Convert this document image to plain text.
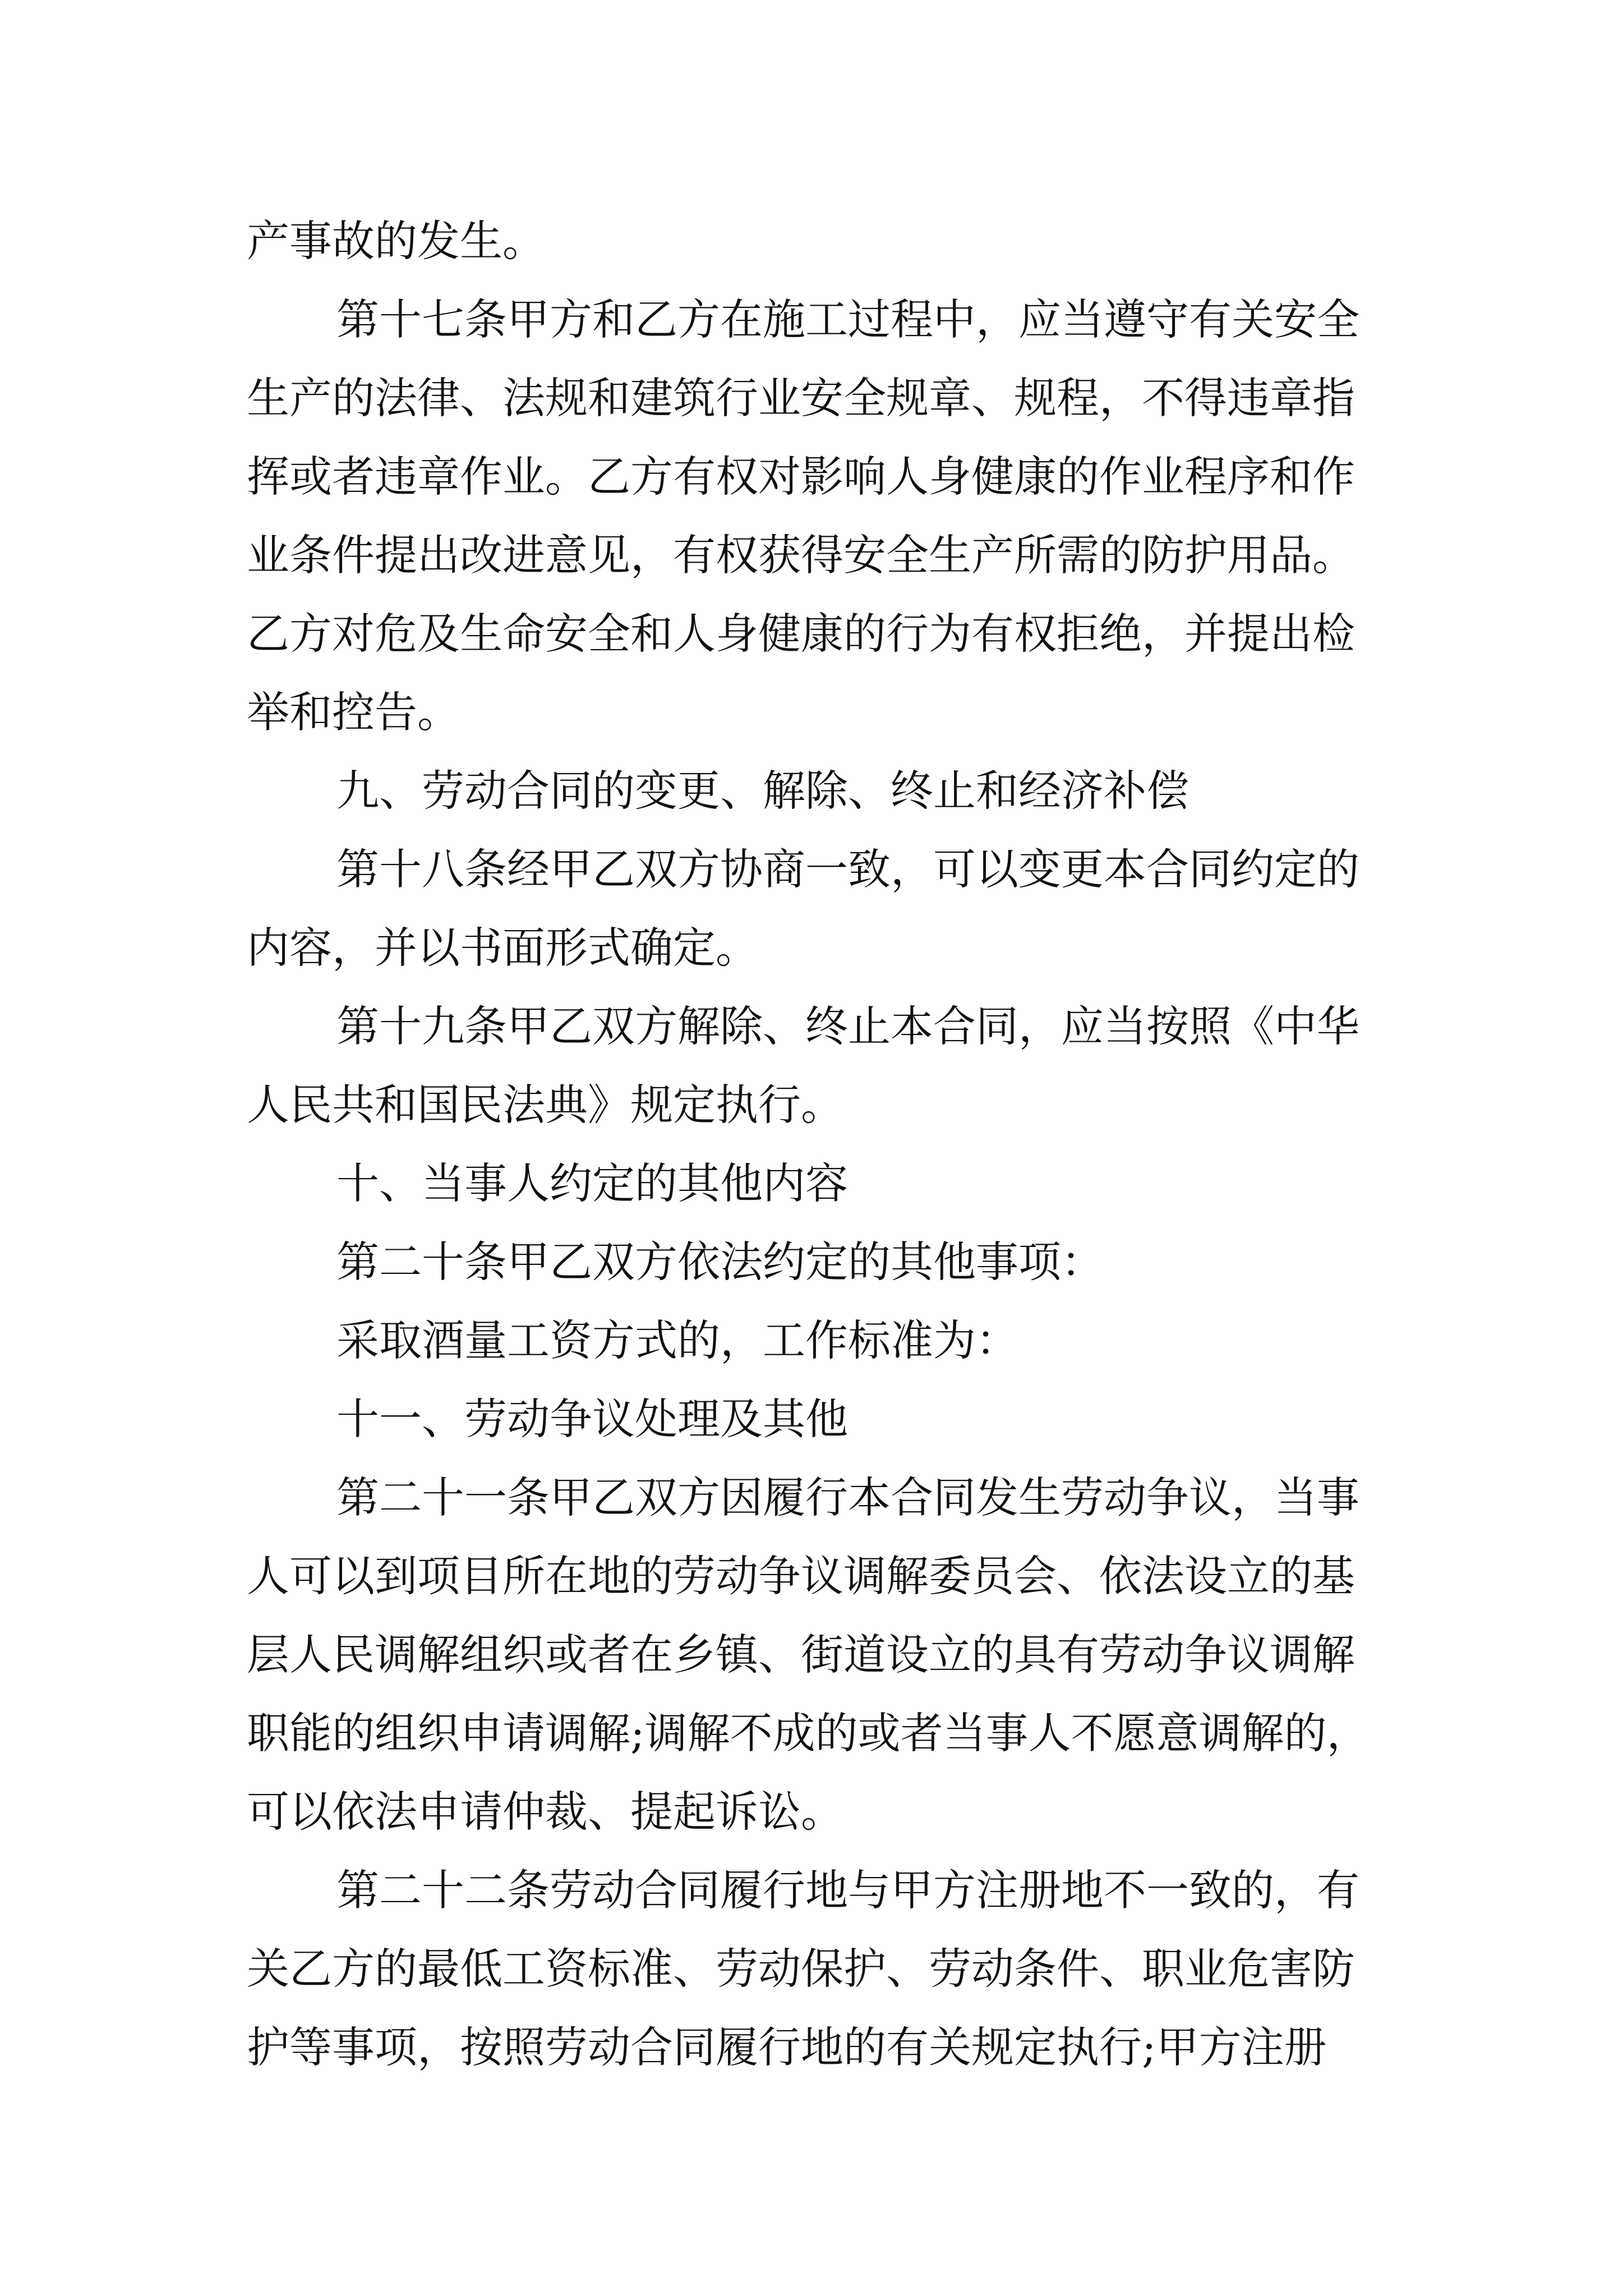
产事故的发生。
第十七条甲方和乙方在施工过程中，应当遵守有关安全
生产的法律、法规和建筑行业安全规章、规程，不得违章指
挥或者违章作业。乙方有权对影响人身健康的作业程序和作
业条件提出改进意见，有权获得安全生产所需的防护用品。
乙方对危及生命安全和人身健康的行为有权拒绝，并提出检
举和控告。
九、劳动合同的变更、解除、终止和经济补偿
第十八条经甲乙双方协商一致，可以变更本合同约定的
内容，并以书面形式确定。
第十九条甲乙双方解除、终止本合同，应当按照《中华
人民共和国民法典》规定执行。
十、当事人约定的其他内容
第二十条甲乙双方依法约定的其他事项：
采取酒量工资方式的，工作标准为：
十一、劳动争议处理及其他
第二十一条甲乙双方因履行本合同发生劳动争议，当事
人可以到项目所在地的劳动争议调解委员会、依法设立的基
层人民调解组织或者在乡镇、街道设立的具有劳动争议调解
职能的组织申请调解;调解不成的或者当事人不愿意调解的，
可以依法申请仲裁、提起诉讼。
第二十二条劳动合同履行地与甲方注册地不一致的，有
关乙方的最低工资标准、劳动保护、劳动条件、职业危害防
护等事项，按照劳动合同履行地的有关规定执行;甲方注册
